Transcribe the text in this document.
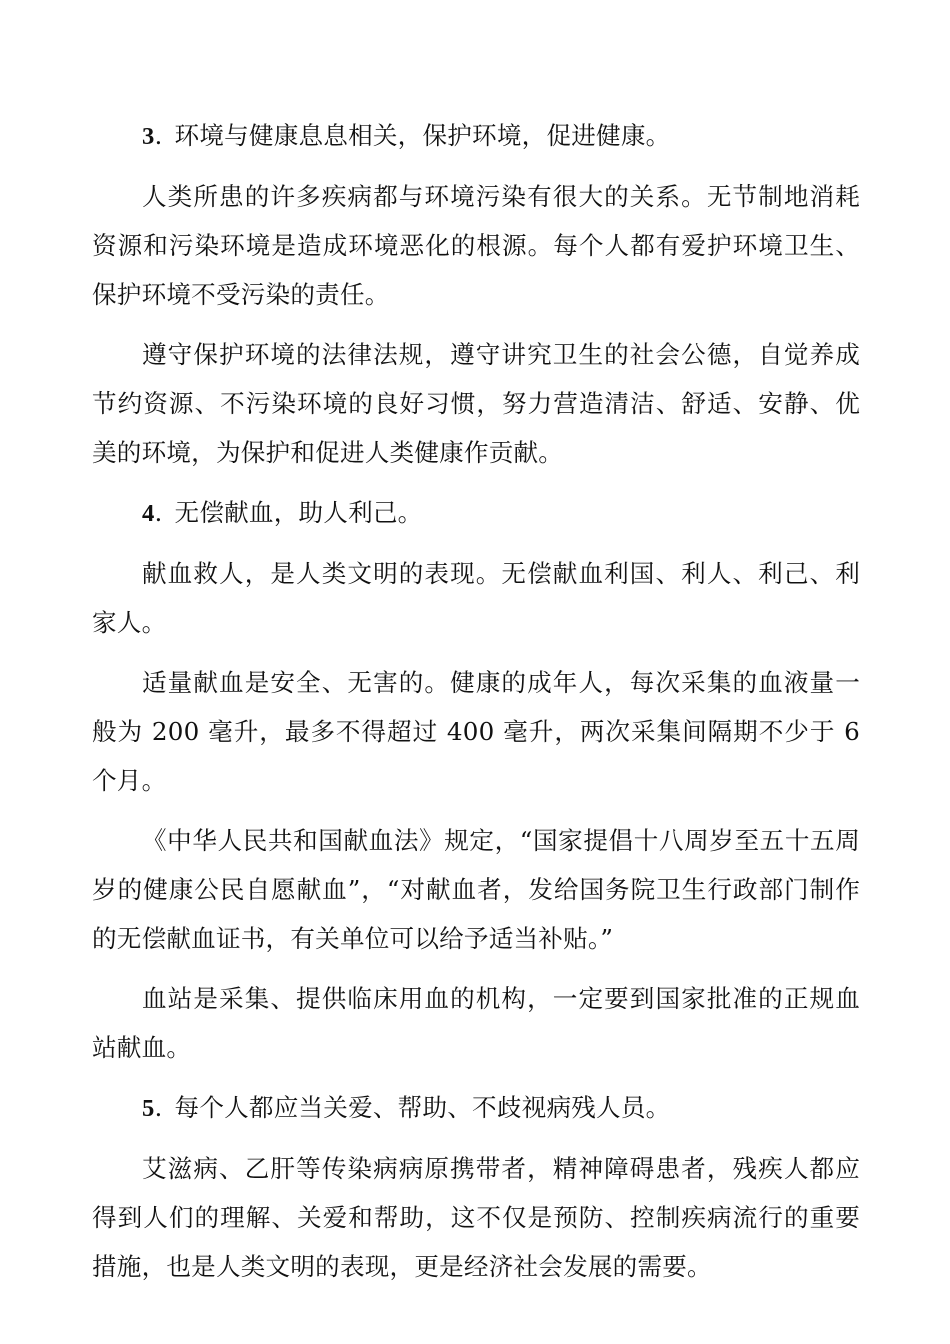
3. 环境与健康息息相关，保护环境，促进健康。

人类所患的许多疾病都与环境污染有很大的关系。无节制地消耗资源和污染环境是造成环境恶化的根源。每个人都有爱护环境卫生、保护环境不受污染的责任。

遵守保护环境的法律法规，遵守讲究卫生的社会公德，自觉养成节约资源、不污染环境的良好习惯，努力营造清洁、舒适、安静、优美的环境，为保护和促进人类健康作贡献。

4. 无偿献血，助人利己。

献血救人，是人类文明的表现。无偿献血利国、利人、利己、利家人。

适量献血是安全、无害的。健康的成年人，每次采集的血液量一般为 200 毫升，最多不得超过 400 毫升，两次采集间隔期不少于 6 个月。

《中华人民共和国献血法》规定，“国家提倡十八周岁至五十五周岁的健康公民自愿献血”，“对献血者，发给国务院卫生行政部门制作的无偿献血证书，有关单位可以给予适当补贴。”

血站是采集、提供临床用血的机构，一定要到国家批准的正规血站献血。

5. 每个人都应当关爱、帮助、不歧视病残人员。

艾滋病、乙肝等传染病病原携带者，精神障碍患者，残疾人都应得到人们的理解、关爱和帮助，这不仅是预防、控制疾病流行的重要措施，也是人类文明的表现，更是经济社会发展的需要。
